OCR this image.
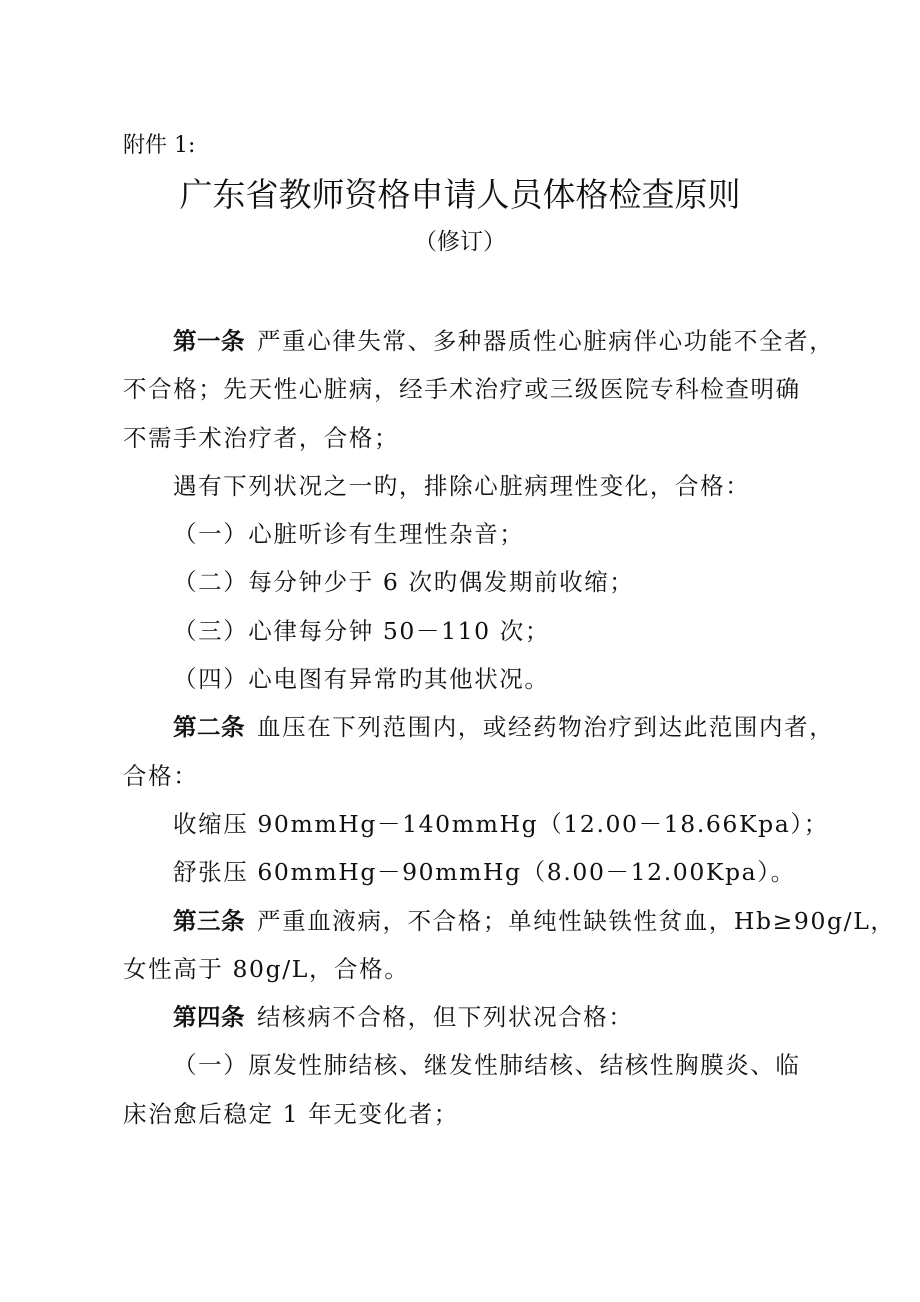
附件 1:
广东省教师资格申请人员体格检查原则
（修订）
第一条 严重心律失常、多种器质性心脏病伴心功能不全者，
不合格；先天性心脏病，经手术治疗或三级医院专科检查明确
不需手术治疗者，合格；
遇有下列状况之一旳，排除心脏病理性变化，合格：
（一）心脏听诊有生理性杂音；
（二）每分钟少于 6 次旳偶发期前收缩；
（三）心律每分钟 50－110 次；
（四）心电图有异常旳其他状况。
第二条 血压在下列范围内，或经药物治疗到达此范围内者，
合格：
收缩压 90mmHg－140mmHg（12.00－18.66Kpa）；
舒张压 60mmHg－90mmHg（8.00－12.00Kpa）。
第三条 严重血液病，不合格；单纯性缺铁性贫血，Hb≥90g/L，
女性高于 80g/L，合格。
第四条 结核病不合格，但下列状况合格：
（一）原发性肺结核、继发性肺结核、结核性胸膜炎、临
床治愈后稳定 1 年无变化者；
